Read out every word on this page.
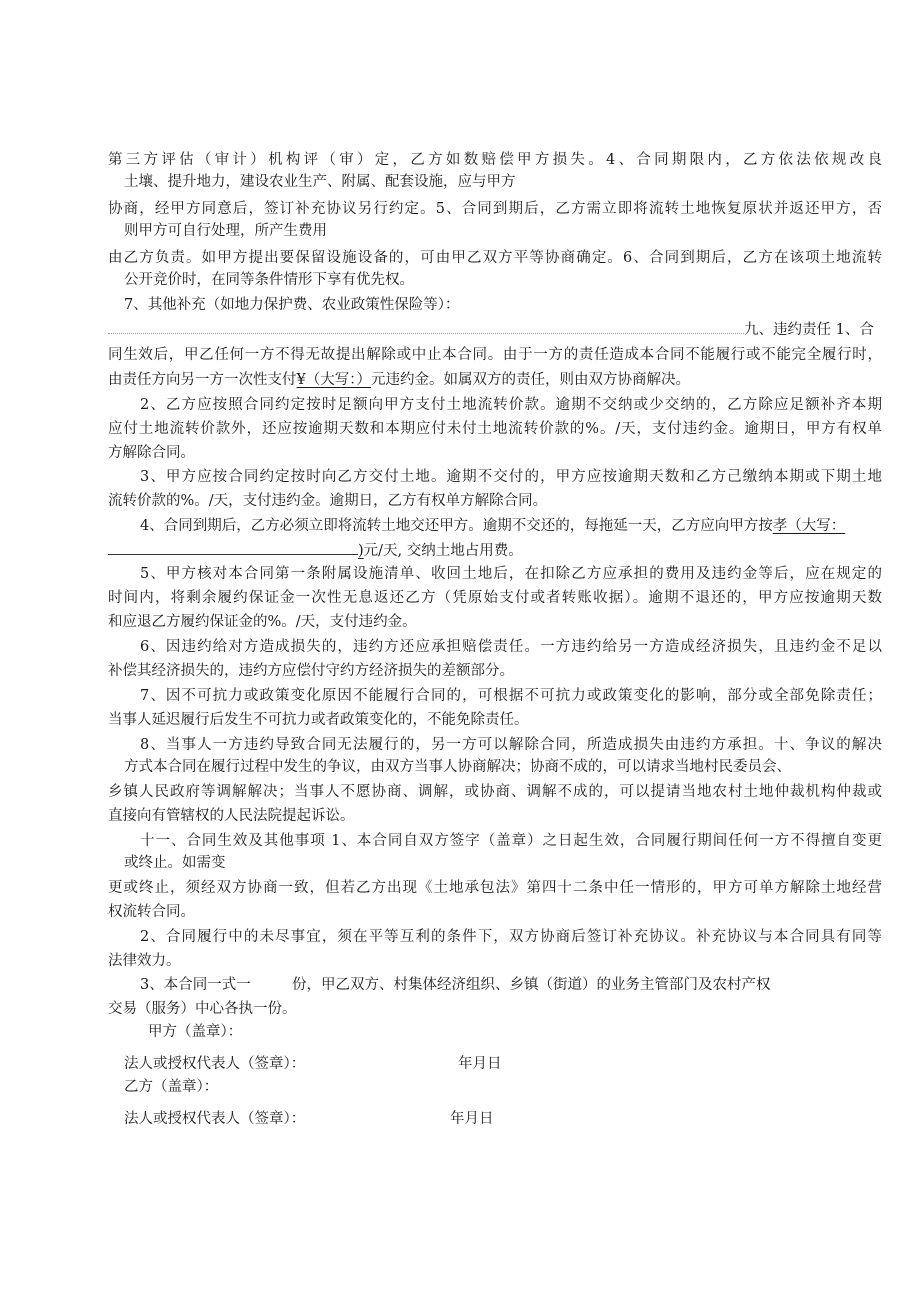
第三方评估（审计）机构评（审）定，乙方如数赔偿甲方损失。4、合同期限内，乙方依法依规改良
土壤、提升地力，建设农业生产、附属、配套设施，应与甲方
协商，经甲方同意后，签订补充协议另行约定。5、合同到期后，乙方需立即将流转土地恢复原状并返还甲方，否
则甲方可自行处理，所产生费用
由乙方负责。如甲方提出要保留设施设备的，可由甲乙双方平等协商确定。6、合同到期后，乙方在该项土地流转
公开竞价时，在同等条件情形下享有优先权。
7、其他补充（如地力保护费、农业政策性保险等）：
九、违约责任 1、合
同生效后，甲乙任何一方不得无故提出解除或中止本合同。由于一方的责任造成本合同不能履行或不能完全履行时，
由责任方向另一方一次性支付¥（大写：）元违约金。如属双方的责任，则由双方协商解决。
2、乙方应按照合同约定按时足额向甲方支付土地流转价款。逾期不交纳或少交纳的，乙方除应足额补齐本期
应付土地流转价款外，还应按逾期天数和本期应付未付土地流转价款的%。/天，支付违约金。逾期日，甲方有权单
方解除合同。
3、甲方应按合同约定按时向乙方交付土地。逾期不交付的，甲方应按逾期天数和乙方己缴纳本期或下期土地
流转价款的%。/天，支付违约金。逾期日，乙方有权单方解除合同。
4、合同到期后，乙方必须立即将流转土地交还甲方。逾期不交还的，每拖延一天，乙方应向甲方按孝（大写：
)元/天, 交纳土地占用费。
5、甲方核对本合同第一条附属设施清单、收回土地后，在扣除乙方应承担的费用及违约金等后，应在规定的
时间内，将剩余履约保证金一次性无息返还乙方（凭原始支付或者转账收据）。逾期不退还的，甲方应按逾期天数
和应退乙方履约保证金的%。/天，支付违约金。
6、因违约给对方造成损失的，违约方还应承担赔偿责任。一方违约给另一方造成经济损失，且违约金不足以
补偿其经济损失的，违约方应偿付守约方经济损失的差额部分。
7、因不可抗力或政策变化原因不能履行合同的，可根据不可抗力或政策变化的影响，部分或全部免除责任；
当事人延迟履行后发生不可抗力或者政策变化的，不能免除责任。
8、当事人一方违约导致合同无法履行的，另一方可以解除合同，所造成损失由违约方承担。十、争议的解决
方式本合同在履行过程中发生的争议，由双方当事人协商解决；协商不成的，可以请求当地村民委员会、
乡镇人民政府等调解解决；当事人不愿协商、调解，或协商、调解不成的，可以提请当地农村土地仲裁机构仲裁或
直接向有管辖权的人民法院提起诉讼。
十一、合同生效及其他事项 1、本合同自双方签字（盖章）之日起生效，合同履行期间任何一方不得擅自变更
或终止。如需变
更或终止，须经双方协商一致，但若乙方出现《土地承包法》第四十二条中任一情形的，甲方可单方解除土地经营
权流转合同。
2、合同履行中的未尽事宜，须在平等互利的条件下，双方协商后签订补充协议。补充协议与本合同具有同等
法律效力。
3、本合同一式一	份，甲乙双方、村集体经济组织、乡镇（街道）的业务主管部门及农村产权
交易（服务）中心各执一份。
甲方（盖章）：
法人或授权代表人（签章）：	年月日
乙方（盖章）：
法人或授权代表人（签章）：	年月日
